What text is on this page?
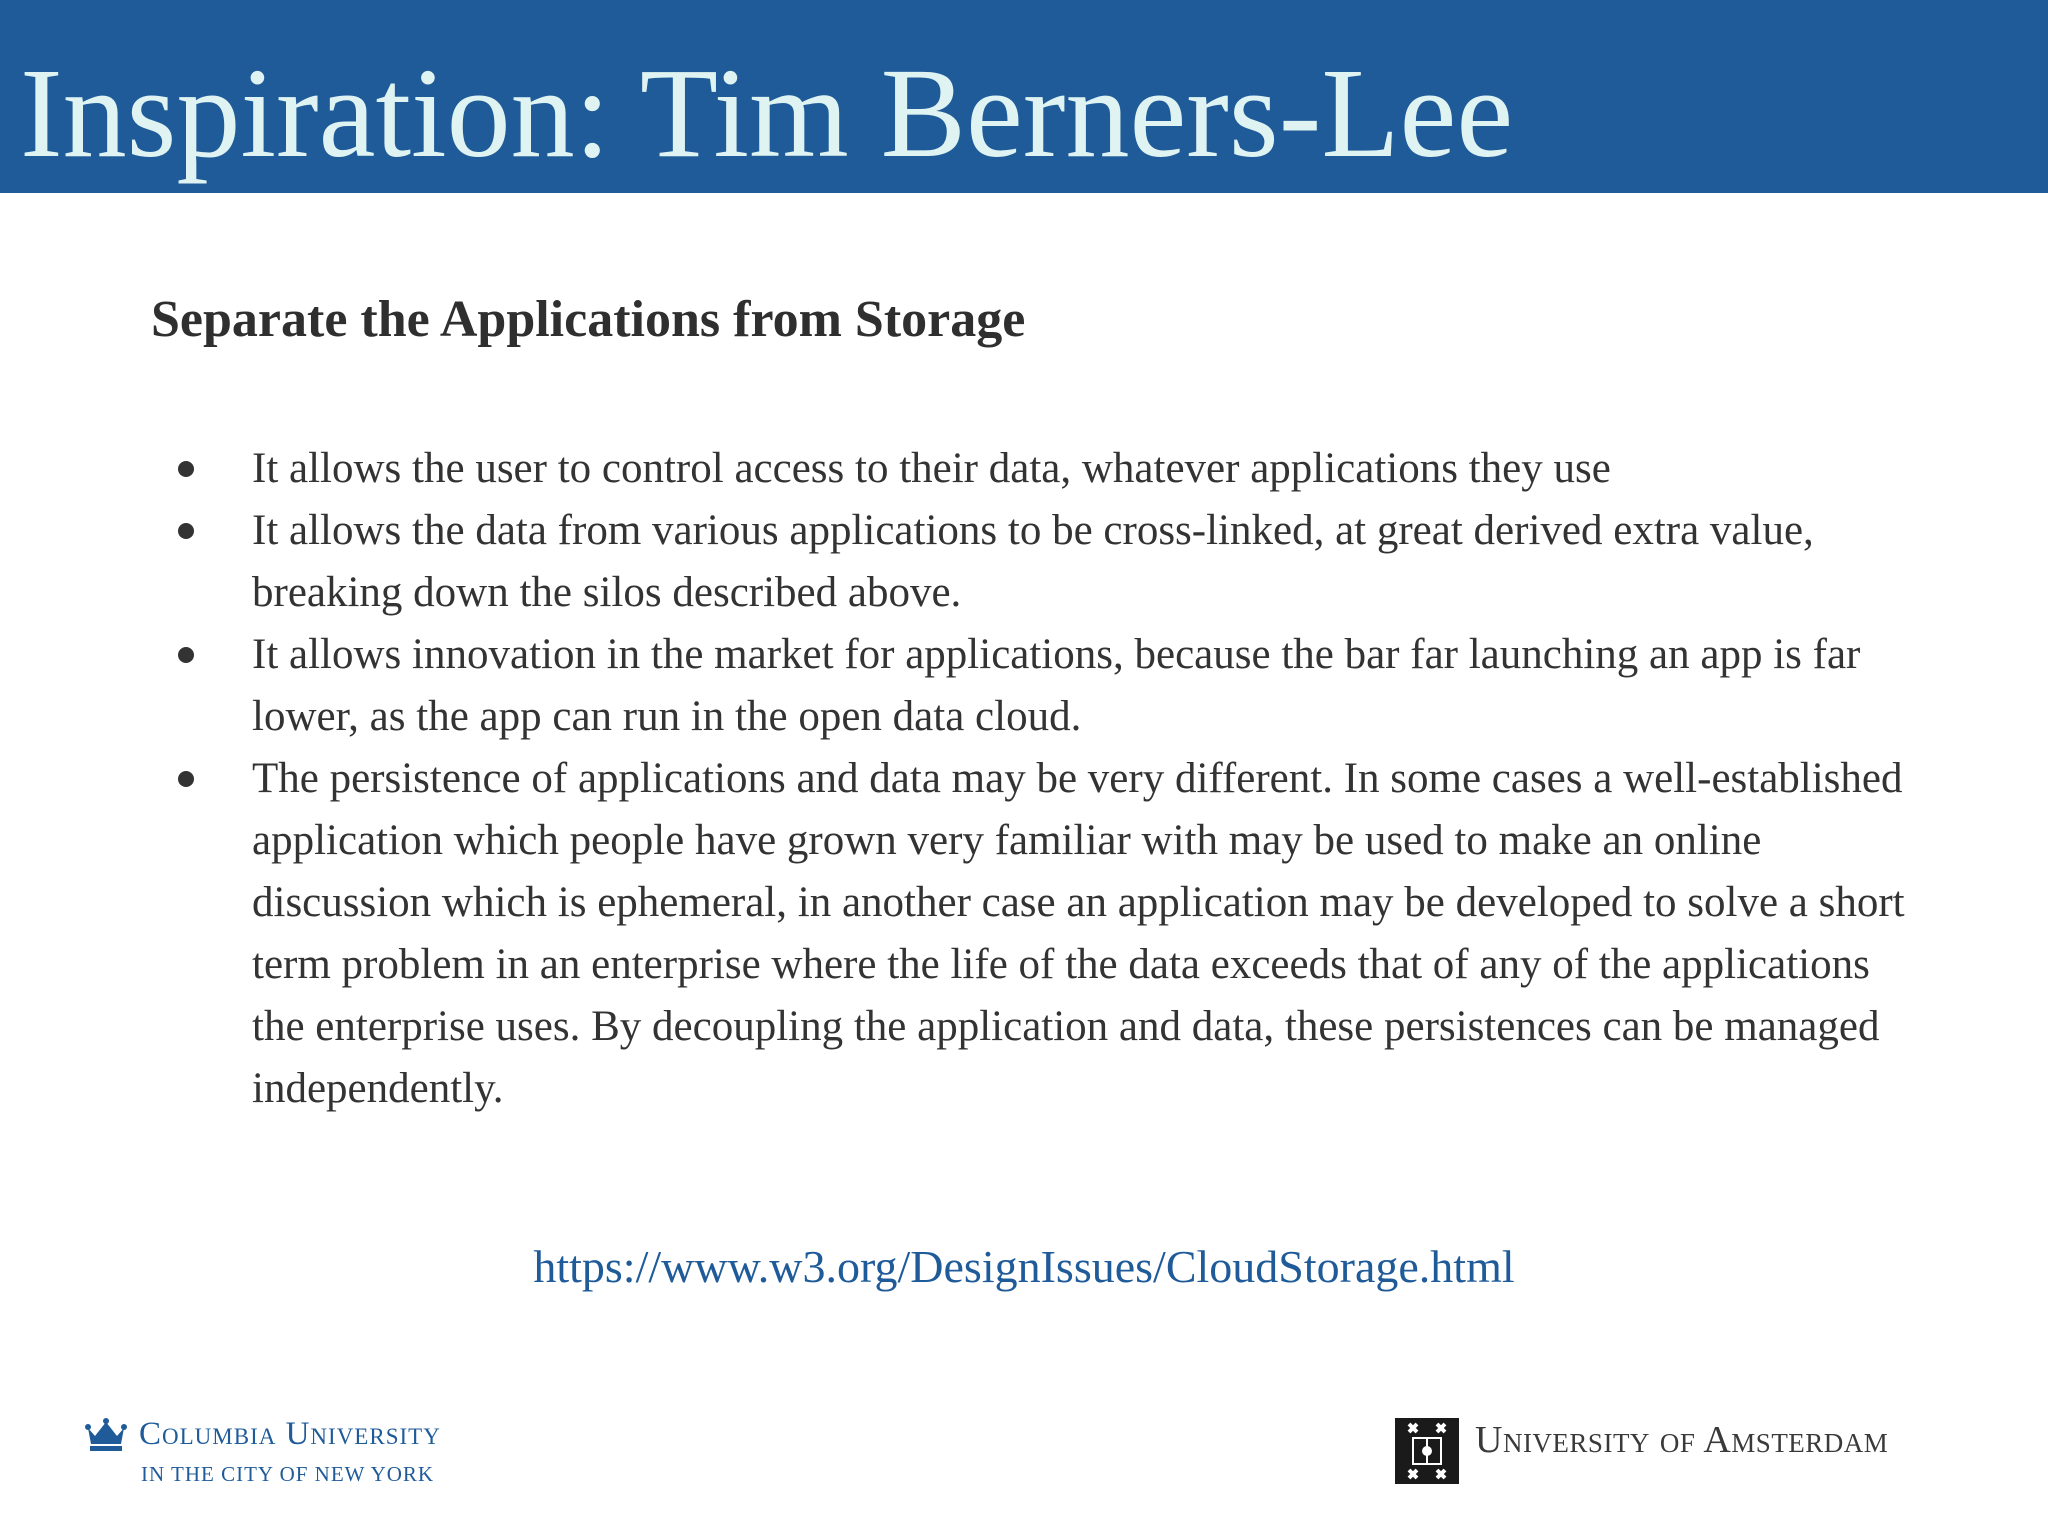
Inspiration: Tim Berners-Lee
Separate the Applications from Storage
It allows the user to control access to their data, whatever applications they use
It allows the data from various applications to be cross-linked, at great derived extra value, breaking down the silos described above.
It allows innovation in the market for applications, because the bar far launching an app is far lower, as the app can run in the open data cloud.
The persistence of applications and data may be very different. In some cases a well-established application which people have grown very familiar with may be used to make an online discussion which is ephemeral, in another case an application may be developed to solve a short term problem in an enterprise where the life of the data exceeds that of any of the applications the enterprise uses. By decoupling the application and data, these persistences can be managed independently.
https://www.w3.org/DesignIssues/CloudStorage.html
Columbia University
IN THE CITY OF NEW YORK
University of Amsterdam
